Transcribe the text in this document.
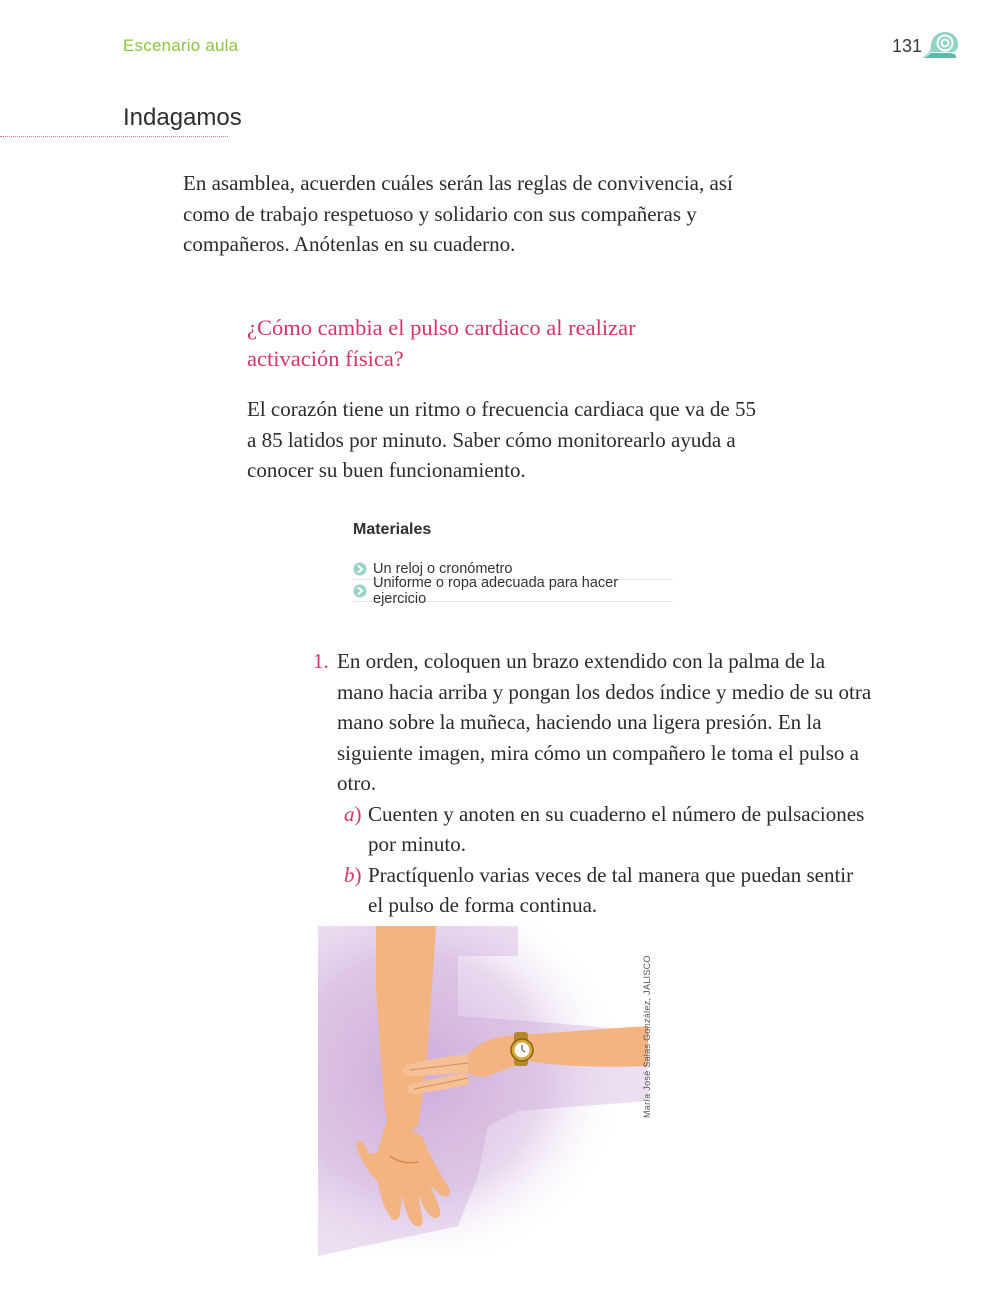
Escenario aula	131
Indagamos
En asamblea, acuerden cuáles serán las reglas de convivencia, así como de trabajo respetuoso y solidario con sus compañeras y compañeros. Anótenlas en su cuaderno.
¿Cómo cambia el pulso cardiaco al realizar activación física?
El corazón tiene un ritmo o frecuencia cardiaca que va de 55 a 85 latidos por minuto. Saber cómo monitorearlo ayuda a conocer su buen funcionamiento.
Materiales
Un reloj o cronómetro
Uniforme o ropa adecuada para hacer ejercicio
1. En orden, coloquen un brazo extendido con la palma de la mano hacia arriba y pongan los dedos índice y medio de su otra mano sobre la muñeca, haciendo una ligera presión. En la siguiente imagen, mira cómo un compañero le toma el pulso a otro.
a) Cuenten y anoten en su cuaderno el número de pulsaciones por minuto.
b) Practíquenlo varias veces de tal manera que puedan sentir el pulso de forma continua.
María José Salas González, JALISCO
